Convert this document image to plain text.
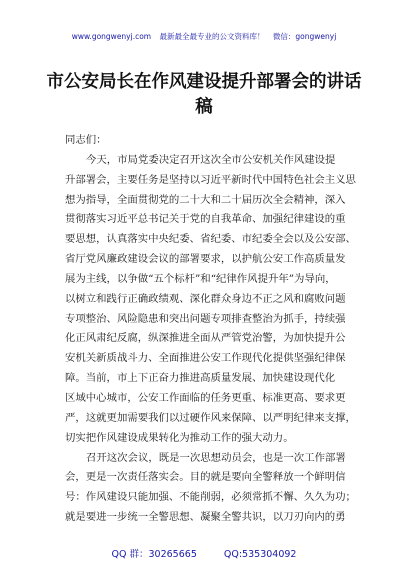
www.gongwenyj.com 最新最全最专业的公文资料库！ 微信：gongwenyj
市公安局长在作风建设提升部署会的讲话
稿
同志们：
今天，市局党委决定召开这次全市公安机关作风建设提
升部署会，主要任务是坚持以习近平新时代中国特色社会主义思
想为指导，全面贯彻党的二十大和二十届历次全会精神，深入
贯彻落实习近平总书记关于党的自我革命、加强纪律建设的重
要思想，认真落实中央纪委、省纪委、市纪委全会以及公安部、
省厅党风廉政建设会议的部署要求，以护航公安工作高质量发
展为主线，以争做“五个标杆”和“纪律作风提升年”为导向，
以树立和践行正确政绩观、深化群众身边不正之风和腐败问题
专项整治、风险隐患和突出问题专项排查整治为抓手，持续强
化正风肃纪反腐，纵深推进全面从严管党治警，为加快提升公
安机关新质战斗力、全面推进公安工作现代化提供坚强纪律保
障。当前，市上下正奋力推进高质量发展、加快建设现代化
区域中心城市，公安工作面临的任务更重、标准更高、要求更
严，这就更加需要我们以过硬作风来保障、以严明纪律来支撑，
切实把作风建设成果转化为推动工作的强大动力。
召开这次会议，既是一次思想动员会，也是一次工作部署
会，更是一次责任落实会。目的就是要向全警释放一个鲜明信
号：作风建设只能加强、不能削弱，必须常抓不懈、久久为功；
就是要进一步统一全警思想、凝聚全警共识，以刀刃向内的勇
QQ 群：30265665	QQ:535304092
